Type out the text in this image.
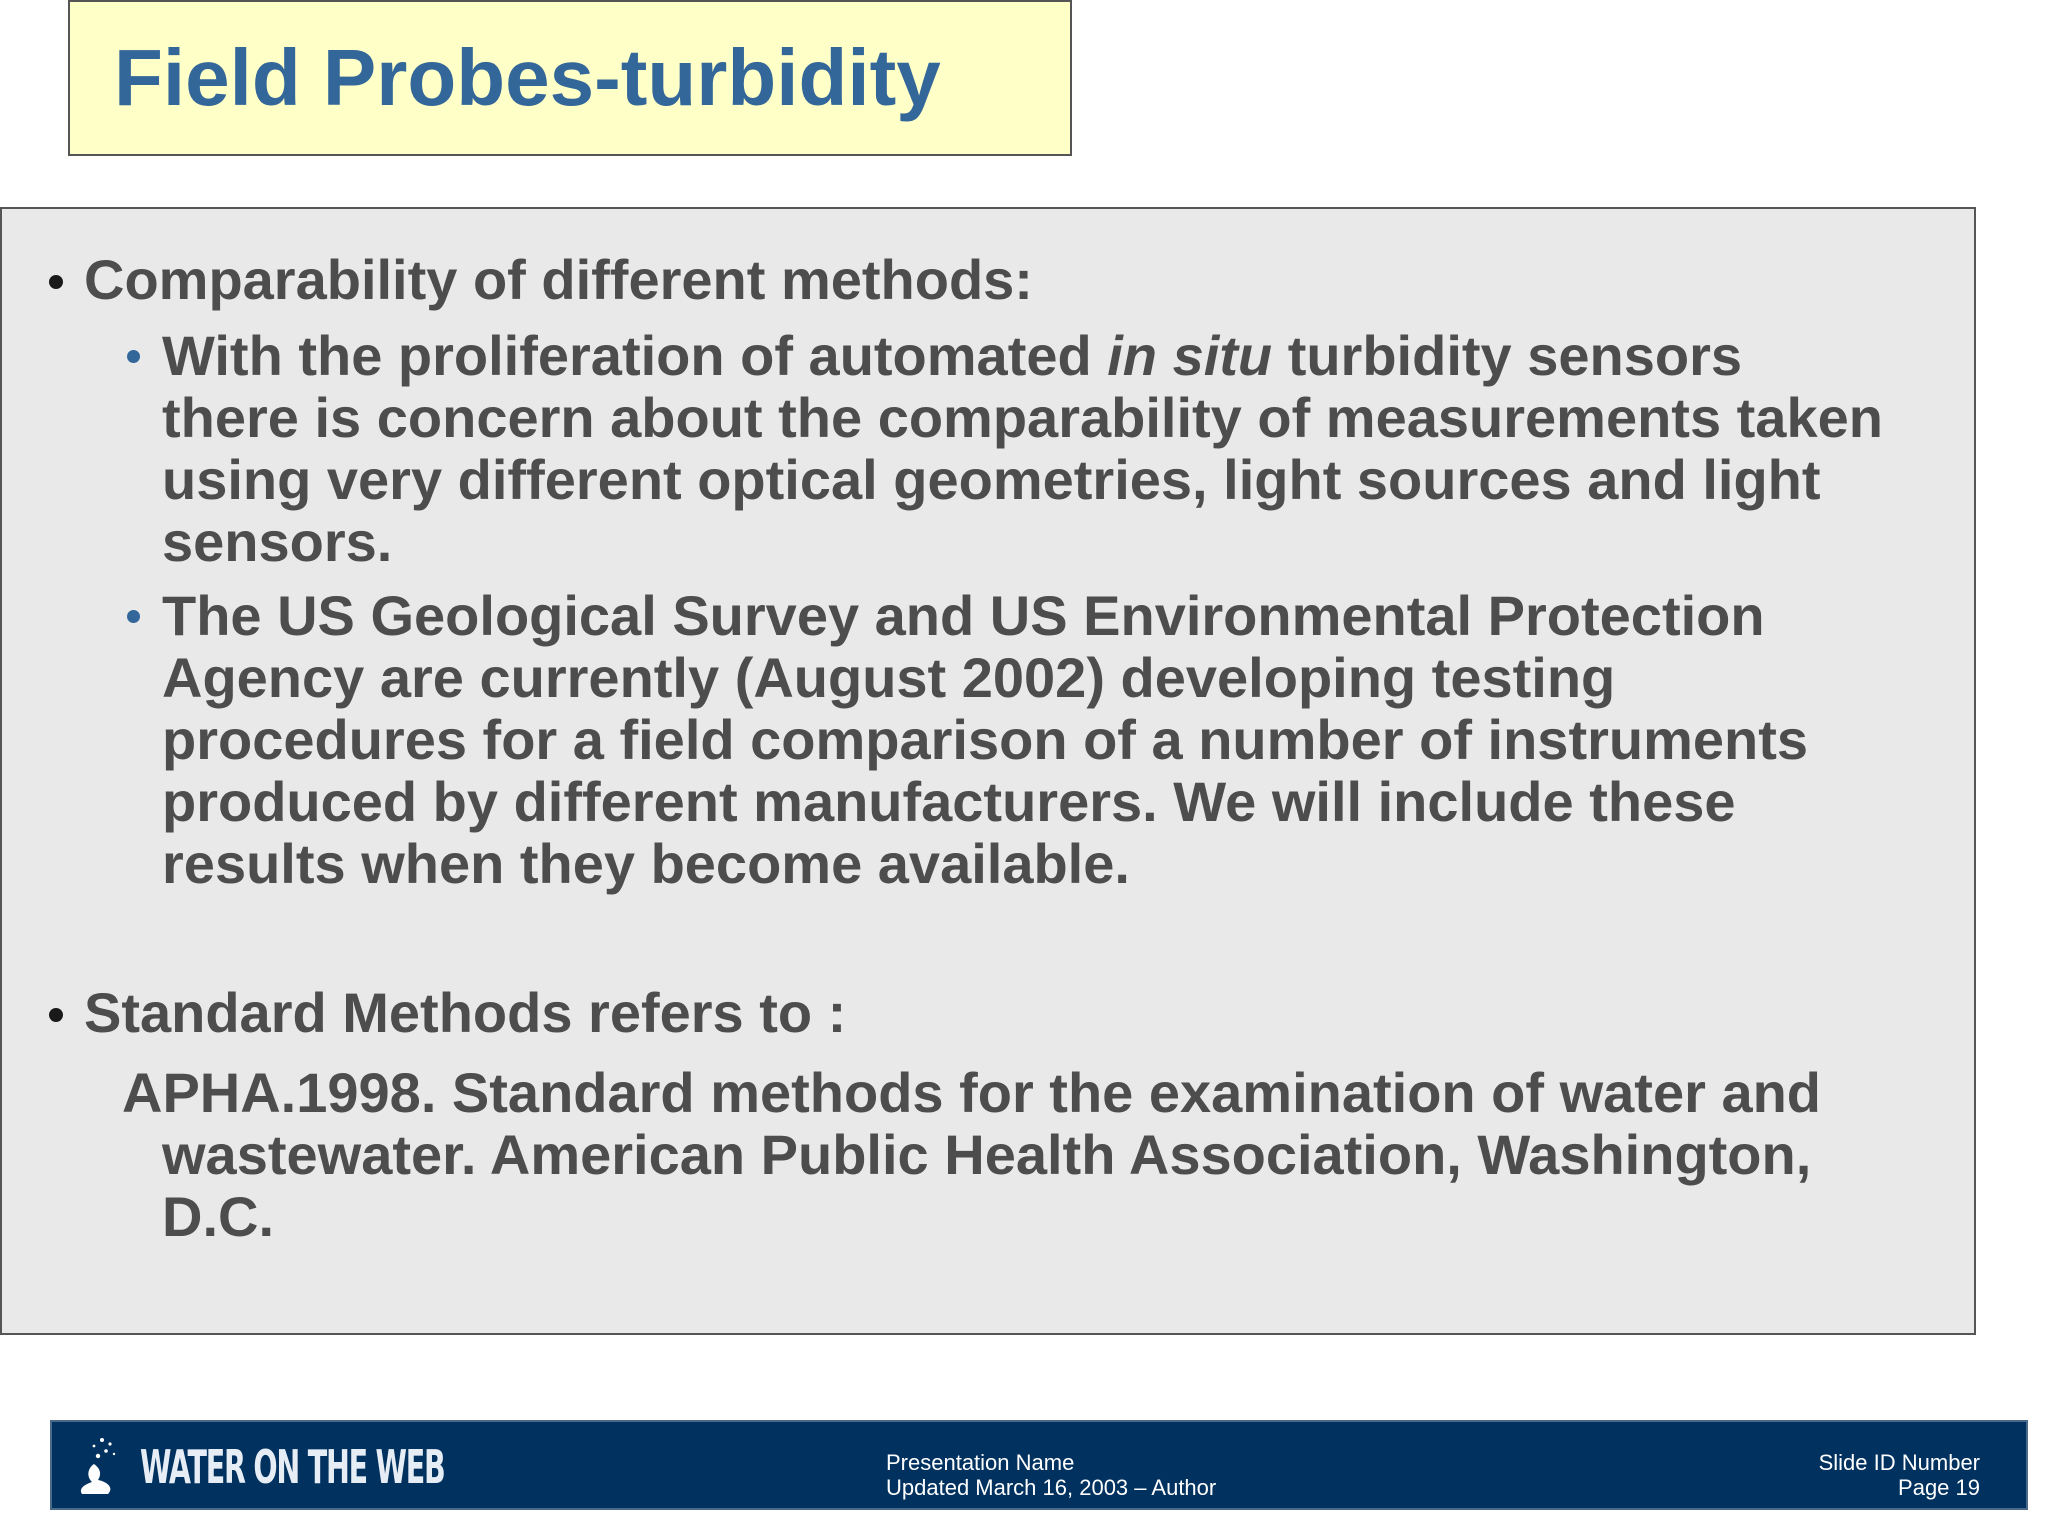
Field Probes-turbidity
Comparability of different methods:
With the proliferation of automated in situ turbidity sensors
there is concern about the comparability of measurements taken
using very different optical geometries, light sources and light
sensors.
The US Geological Survey and US Environmental Protection
Agency are currently (August 2002) developing testing
procedures for a field comparison of a number of instruments
produced by different manufacturers. We will include these
results when they become available.
Standard Methods refers to :
APHA.1998. Standard methods for the examination of water and
wastewater. American Public Health Association, Washington,
D.C.
WATER ON THE WEB	Presentation Name
Updated March 16, 2003 – Author
Slide ID Number
Page 19
